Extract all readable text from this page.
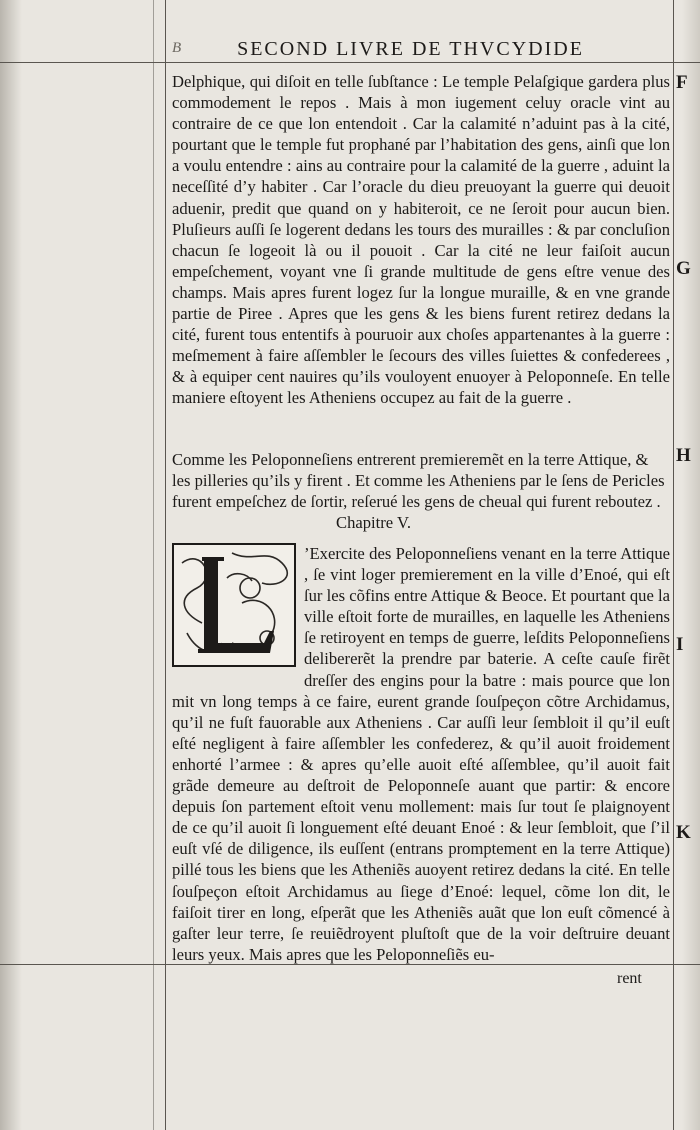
B	SECOND LIVRE DE THVCYDIDE
Delphique, qui diſoit en telle ſubſtance : Le temple Pelaſgique gardera plus commodement le repos . Mais à mon iugement celuy oracle vint au contraire de ce que lon entendoit . Car la calamité n’aduint pas à la cité, pourtant que le temple fut prophané par l’habitation des gens, ainſi que lon a voulu entendre : ains au contraire pour la calamité de la guerre , aduint la neceſſité d’y habiter . Car l’oracle du dieu preuoyant la guerre qui deuoit aduenir, predit que quand on y habiteroit, ce ne ſeroit pour aucun bien. Pluſieurs auſſi ſe logerent dedans les tours des murailles : & par concluſion chacun ſe logeoit là ou il pouoit . Car la cité ne leur faiſoit aucun empeſchement, voyant vne ſi grande multitude de gens eſtre venue des champs. Mais apres furent logez ſur la longue muraille, & en vne grande partie de Piree . Apres que les gens & les biens furent retirez dedans la cité, furent tous ententifs à pouruoir aux choſes appartenantes à la guerre : meſmement à faire aſſembler le ſecours des villes ſuiettes & confederees , & à equiper cent nauires qu’ils vouloyent enuoyer à Peloponneſe. En telle maniere eſtoyent les Atheniens occupez au fait de la guerre .
Comme les Peloponneſiens entrerent premieremẽt en la terre Attique, & les pilleries qu’ils y firent . Et comme les Atheniens par le ſens de Pericles furent empeſchez de ſortir, reſerué les gens de cheual qui furent reboutez . Chapitre V.
’Exercite des Peloponneſiens venant en la terre Attique , ſe vint loger premierement en la ville d’Enoé, qui eſt ſur les cõfins entre Attique & Beoce. Et pourtant que la ville eſtoit forte de murailles, en laquelle les Atheniens ſe retiroyent en temps de guerre, leſdits Peloponneſiens delibererẽt la prendre par baterie. A ceſte cauſe firẽt dreſſer des engins pour la batre : mais pource que lon mit vn long temps à ce faire, eurent grande ſouſpeçon cõtre Archidamus, qu’il ne fuſt fauorable aux Atheniens . Car auſſi leur ſembloit il qu’il euſt eſté negligent à faire aſſembler les confederez, & qu’il auoit froidement enhorté l’armee : & apres qu’elle auoit eſté aſſemblee, qu’il auoit fait grãde demeure au deſtroit de Peloponneſe auant que partir: & encore depuis ſon partement eſtoit venu mollement: mais ſur tout ſe plaignoyent de ce qu’il auoit ſi longuement eſté deuant Enoé : & leur ſembloit, que ſ’il euſt vſé de diligence, ils euſſent (entrans promptement en la terre Attique) pillé tous les biens que les Atheniẽs auoyent retirez dedans la cité. En telle ſouſpeçon eſtoit Archidamus au ſiege d’Enoé: lequel, cõme lon dit, le faiſoit tirer en long, eſperãt que les Atheniẽs auãt que lon euſt cõmencé à gaſter leur terre, ſe reuiẽdroyent pluſtoſt que de la voir deſtruire deuant leurs yeux. Mais apres que les Peloponneſiẽs eu-
rent
F
G
H
I
K
